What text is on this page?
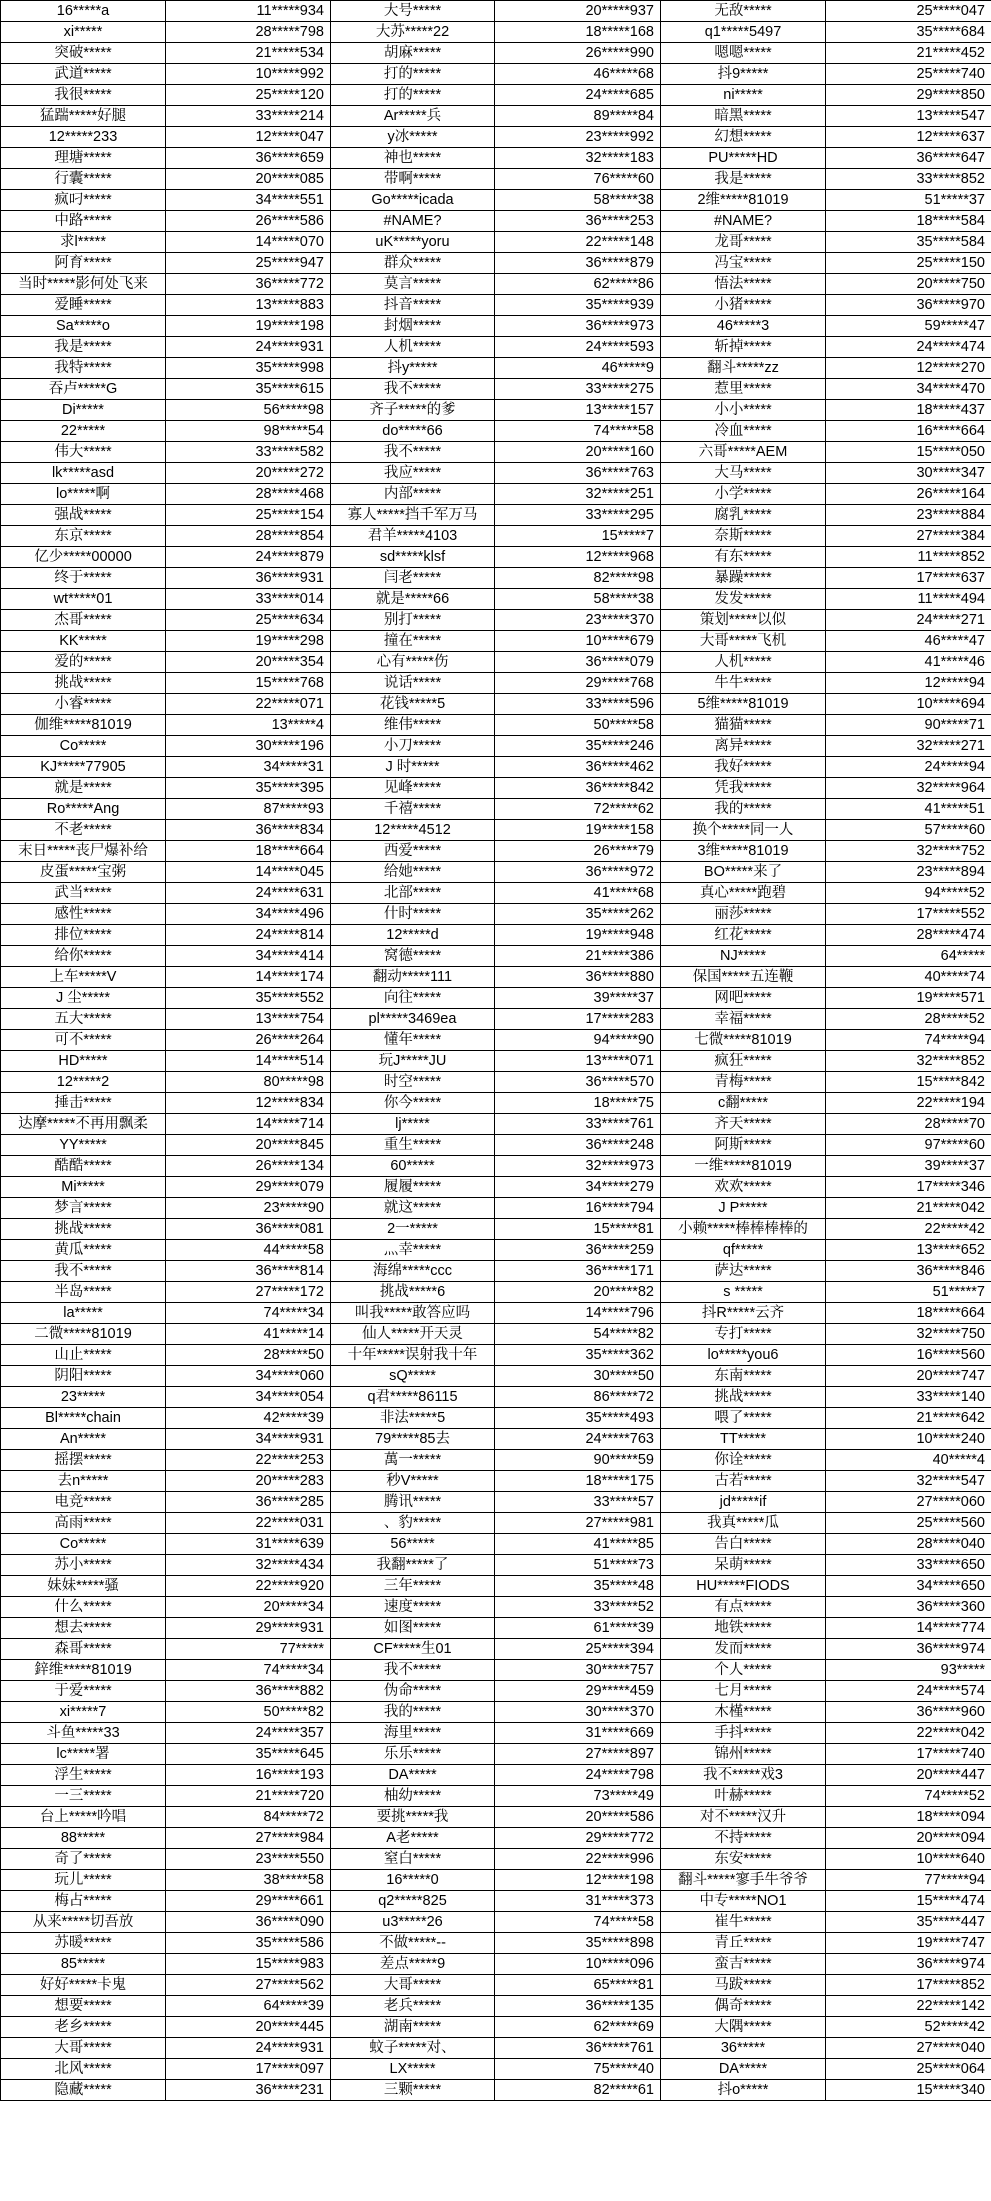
16*****a	11*****934	大号*****	20*****937	无敌*****	25*****047
xi*****	28*****798	大苏*****22	18*****168	q1*****5497	35*****684
突破*****	21*****534	胡麻*****	26*****990	嗯嗯*****	21*****452
武道*****	10*****992	打的*****	46*****68	抖9*****	25*****740
我很*****	25*****120	打的*****	24*****685	ni*****	29*****850
猛踹*****好腿	33*****214	Ar*****兵	89*****84	暗黑*****	13*****547
12*****233	12*****047	y冰*****	23*****992	幻想*****	12*****637
理塘*****	36*****659	神也*****	32*****183	PU*****HD	36*****647
行囊*****	20*****085	带啊*****	76*****60	我是*****	33*****852
疯叼*****	34*****551	Go*****icada	58*****38	2维*****81019	51*****37
中路*****	26*****586	#NAME?	36*****253	#NAME?	18*****584
求l*****	14*****070	uK*****yoru	22*****148	龙哥*****	35*****584
阿育*****	25*****947	群众*****	36*****879	冯宝*****	25*****150
当时*****影何处飞来	36*****772	莫言*****	62*****86	悟法*****	20*****750
爱睡*****	13*****883	抖音*****	35*****939	小猪*****	36*****970
Sa*****o	19*****198	封烟*****	36*****973	46*****3	59*****47
我是*****	24*****931	人机*****	24*****593	斩掉*****	24*****474
我特*****	35*****998	抖y*****	46*****9	翻斗*****zz	12*****270
吞卢*****G	35*****615	我不*****	33*****275	惹里*****	34*****470
Di*****	56*****98	齐子*****的爹	13*****157	小小*****	18*****437
22*****	98*****54	do*****66	74*****58	冷血*****	16*****664
伟大*****	33*****582	我不*****	20*****160	六哥*****AEM	15*****050
lk*****asd	20*****272	我应*****	36*****763	大马*****	30*****347
lo*****啊	28*****468	内部*****	32*****251	小学*****	26*****164
强战*****	25*****154	寡人*****挡千军万马	33*****295	腐乳*****	23*****884
东京*****	28*****854	君羊*****4103	15*****7	奈斯*****	27*****384
亿少*****00000	24*****879	sd*****klsf	12*****968	有东*****	11*****852
终于*****	36*****931	闫老*****	82*****98	暴躁*****	17*****637
wt*****01	33*****014	就是*****66	58*****38	发发*****	11*****494
杰哥*****	25*****634	别打*****	23*****370	策划*****以似	24*****271
KK*****	19*****298	撞在*****	10*****679	大哥*****飞机	46*****47
爱的*****	20*****354	心有*****伤	36*****079	人机*****	41*****46
挑战*****	15*****768	说话*****	29*****768	牛牛*****	12*****94
小睿*****	22*****071	花钱*****5	33*****596	5维*****81019	10*****694
伽维*****81019	13*****4	维伟*****	50*****58	猫猫*****	90*****71
Co*****	30*****196	小刀*****	35*****246	离异*****	32*****271
KJ*****77905	34*****31	J 时*****	36*****462	我好*****	24*****94
就是*****	35*****395	见峰*****	36*****842	凭我*****	32*****964
Ro*****Ang	87*****93	千禧*****	72*****62	我的*****	41*****51
不老*****	36*****834	12*****4512	19*****158	换个*****同一人	57*****60
末日*****丧尸爆补给	18*****664	西爱*****	26*****79	3维*****81019	32*****752
皮蛋*****宝粥	14*****045	给她*****	36*****972	BO*****来了	23*****894
武当*****	24*****631	北部*****	41*****68	真心*****跑碧	94*****52
感性*****	34*****496	什时*****	35*****262	丽莎*****	17*****552
排位*****	24*****814	12*****d	19*****948	红花*****	28*****474
给你*****	34*****414	窝德*****	21*****386	NJ*****	64*****
上车*****V	14*****174	翻动*****111	36*****880	保国*****五连鞭	40*****74
J 尘*****	35*****552	向往*****	39*****37	网吧*****	19*****571
五大*****	13*****754	pl*****3469ea	17*****283	幸福*****	28*****52
可不*****	26*****264	懂年*****	94*****90	七微*****81019	74*****94
HD*****	14*****514	玩J*****JU	13*****071	疯狂*****	32*****852
12*****2	80*****98	时空*****	36*****570	青梅*****	15*****842
捶击*****	12*****834	你今*****	18*****75	c翻*****	22*****194
达摩*****不再用飘柔	14*****714	lj*****	33*****761	齐天*****	28*****70
YY*****	20*****845	重生*****	36*****248	阿斯*****	97*****60
酷酷*****	26*****134	60*****	32*****973	一维*****81019	39*****37
Mi*****	29*****079	履履*****	34*****279	欢欢*****	17*****346
梦言*****	23*****90	就这*****	16*****794	J P*****	21*****042
挑战*****	36*****081	2一*****	15*****81	小赖*****棒棒棒棒的	22*****42
黄瓜*****	44*****58	灬幸*****	36*****259	qf*****	13*****652
我不*****	36*****814	海绵*****ccc	36*****171	萨达*****	36*****846
半岛*****	27*****172	挑战*****6	20*****82	s *****	51*****7
la*****	74*****34	叫我*****敢答应吗	14*****796	抖R*****云齐	18*****664
二微*****81019	41*****14	仙人*****开天灵	54*****82	专打*****	32*****750
山止*****	28*****50	十年*****误射我十年	35*****362	lo*****you6	16*****560
阴阳*****	34*****060	sQ*****	30*****50	东南*****	20*****747
23*****	34*****054	q君*****86115	86*****72	挑战*****	33*****140
Bl*****chain	42*****39	非法*****5	35*****493	喂了*****	21*****642
An*****	34*****931	79*****85去	24*****763	TT*****	10*****240
摇摆*****	22*****253	萬一*****	90*****59	你诠*****	40*****4
去n*****	20*****283	秒V*****	18*****175	古若*****	32*****547
电竞*****	36*****285	腾讯*****	33*****57	jd*****if	27*****060
高雨*****	22*****031	、豹*****	27*****981	我真*****瓜	25*****560
Co*****	31*****639	56*****	41*****85	告白*****	28*****040
苏小*****	32*****434	我翻*****了	51*****73	呆萌*****	33*****650
妹妹*****骚	22*****920	三年*****	35*****48	HU*****FIODS	34*****650
什么*****	20*****34	速度*****	33*****52	有点*****	36*****360
想去*****	29*****931	如图*****	61*****39	地铁*****	14*****774
森哥*****	77*****	CF*****生01	25*****394	发而*****	36*****974
鋅维*****81019	74*****34	我不*****	30*****757	个人*****	93*****
于爱*****	36*****882	伪命*****	29*****459	七月*****	24*****574
xi*****7	50*****82	我的*****	30*****370	木槿*****	36*****960
斗鱼*****33	24*****357	海里*****	31*****669	手抖*****	22*****042
lc*****署	35*****645	乐乐*****	27*****897	锦州*****	17*****740
浮生*****	16*****193	DA*****	24*****798	我不*****戏3	20*****447
一三*****	21*****720	柚幼*****	73*****49	叶赫*****	74*****52
台上*****吟唱	84*****72	要挑*****我	20*****586	对不*****汉升	18*****094
88*****	27*****984	A老*****	29*****772	不持*****	20*****094
奇了*****	23*****550	窒白*****	22*****996	东安*****	10*****640
玩儿*****	38*****58	16*****0	12*****198	翻斗*****寥手牛爷爷	77*****94
梅占*****	29*****661	q2*****825	31*****373	中专*****NO1	15*****474
从来*****切吾放	36*****090	u3*****26	74*****58	崔牛*****	35*****447
苏暖*****	35*****586	不做*****--	35*****898	青丘*****	19*****747
85*****	15*****983	差点*****9	10*****096	蛮吉*****	36*****974
好好*****卡鬼	27*****562	大哥*****	65*****81	马跋*****	17*****852
想要*****	64*****39	老兵*****	36*****135	偶奇*****	22*****142
老乡*****	20*****445	湖南*****	62*****69	大隅*****	52*****42
大哥*****	24*****931	蚊子*****对、	36*****761	36*****	27*****040
北风*****	17*****097	LX*****	75*****40	DA*****	25*****064
隐藏*****	36*****231	三颗*****	82*****61	抖o*****	15*****340
